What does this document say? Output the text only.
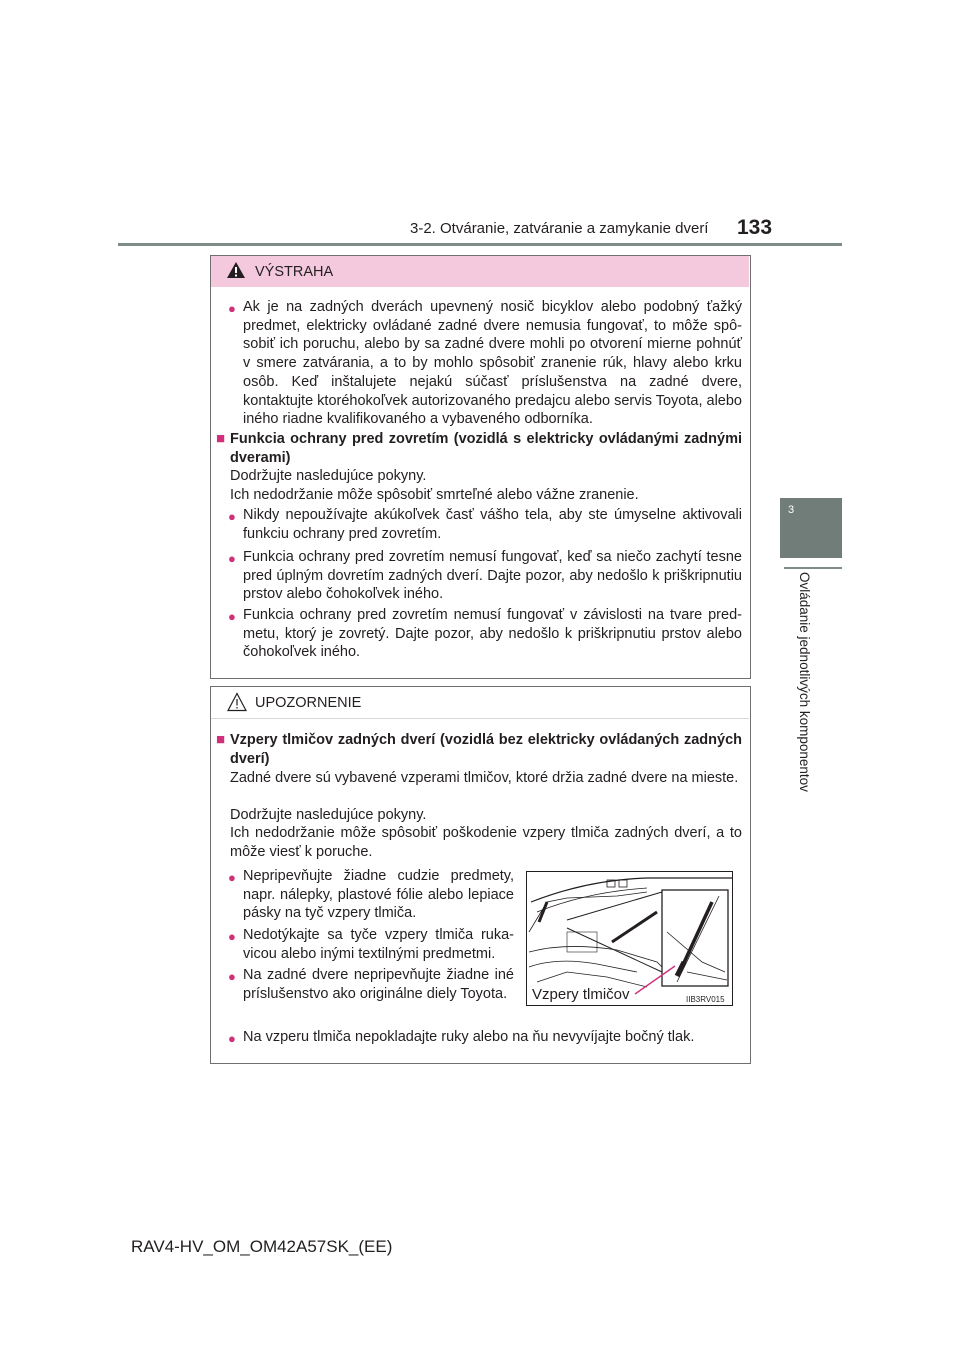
3-2. Otváranie, zatváranie a zamykanie dverí 133
3
Ovládanie jednotlivých komponentov
VÝSTRAHA
● Ak je na zadných dverách upevnený nosič bicyklov alebo podobný ťažký predmet, elektricky ovládané zadné dvere nemusia fungovať, to môže spôsobiť ich poruchu, alebo by sa zadné dvere mohli po otvorení mierne pohnúť v smere zatvárania, a to by mohlo spôsobiť zranenie rúk, hlavy alebo krku osôb. Keď inštalujete nejakú súčasť príslušenstva na zadné dvere, kontaktujte ktoréhokoľvek autorizovaného predajcu alebo servis Toyota, alebo iného riadne kvalifikovaného a vybaveného odborníka.
■ Funkcia ochrany pred zovretím (vozidlá s elektricky ovládanými zadnými dverami)
Dodržujte nasledujúce pokyny.
Ich nedodržanie môže spôsobiť smrteľné alebo vážne zranenie.
● Nikdy nepoužívajte akúkoľvek časť vášho tela, aby ste úmyselne aktivovali funkciu ochrany pred zovretím.
● Funkcia ochrany pred zovretím nemusí fungovať, keď sa niečo zachytí tesne pred úplným dovretím zadných dverí. Dajte pozor, aby nedošlo k priškripnutiu prstov alebo čohokoľvek iného.
● Funkcia ochrany pred zovretím nemusí fungovať v závislosti na tvare predmetu, ktorý je zovretý. Dajte pozor, aby nedošlo k priškripnutiu prstov alebo čohokoľvek iného.
UPOZORNENIE
■ Vzpery tlmičov zadných dverí (vozidlá bez elektricky ovládaných zadných dverí)
Zadné dvere sú vybavené vzperami tlmičov, ktoré držia zadné dvere na mieste.
Dodržujte nasledujúce pokyny.
Ich nedodržanie môže spôsobiť poškodenie vzpery tlmiča zadných dverí, a to môže viesť k poruche.
● Nepripevňujte žiadne cudzie predmety, napr. nálepky, plastové fólie alebo lepiace pásky na tyč vzpery tlmiča.
● Nedotýkajte sa tyče vzpery tlmiča rukavicou alebo inými textilnými predmetmi.
● Na zadné dvere nepripevňujte žiadne iné príslušenstvo ako originálne diely Toyota.
● Na vzperu tlmiča nepokladajte ruky alebo na ňu nevyvíjajte bočný tlak.
Vzpery tlmičov	IIB3RV015
RAV4-HV_OM_OM42A57SK_(EE)
